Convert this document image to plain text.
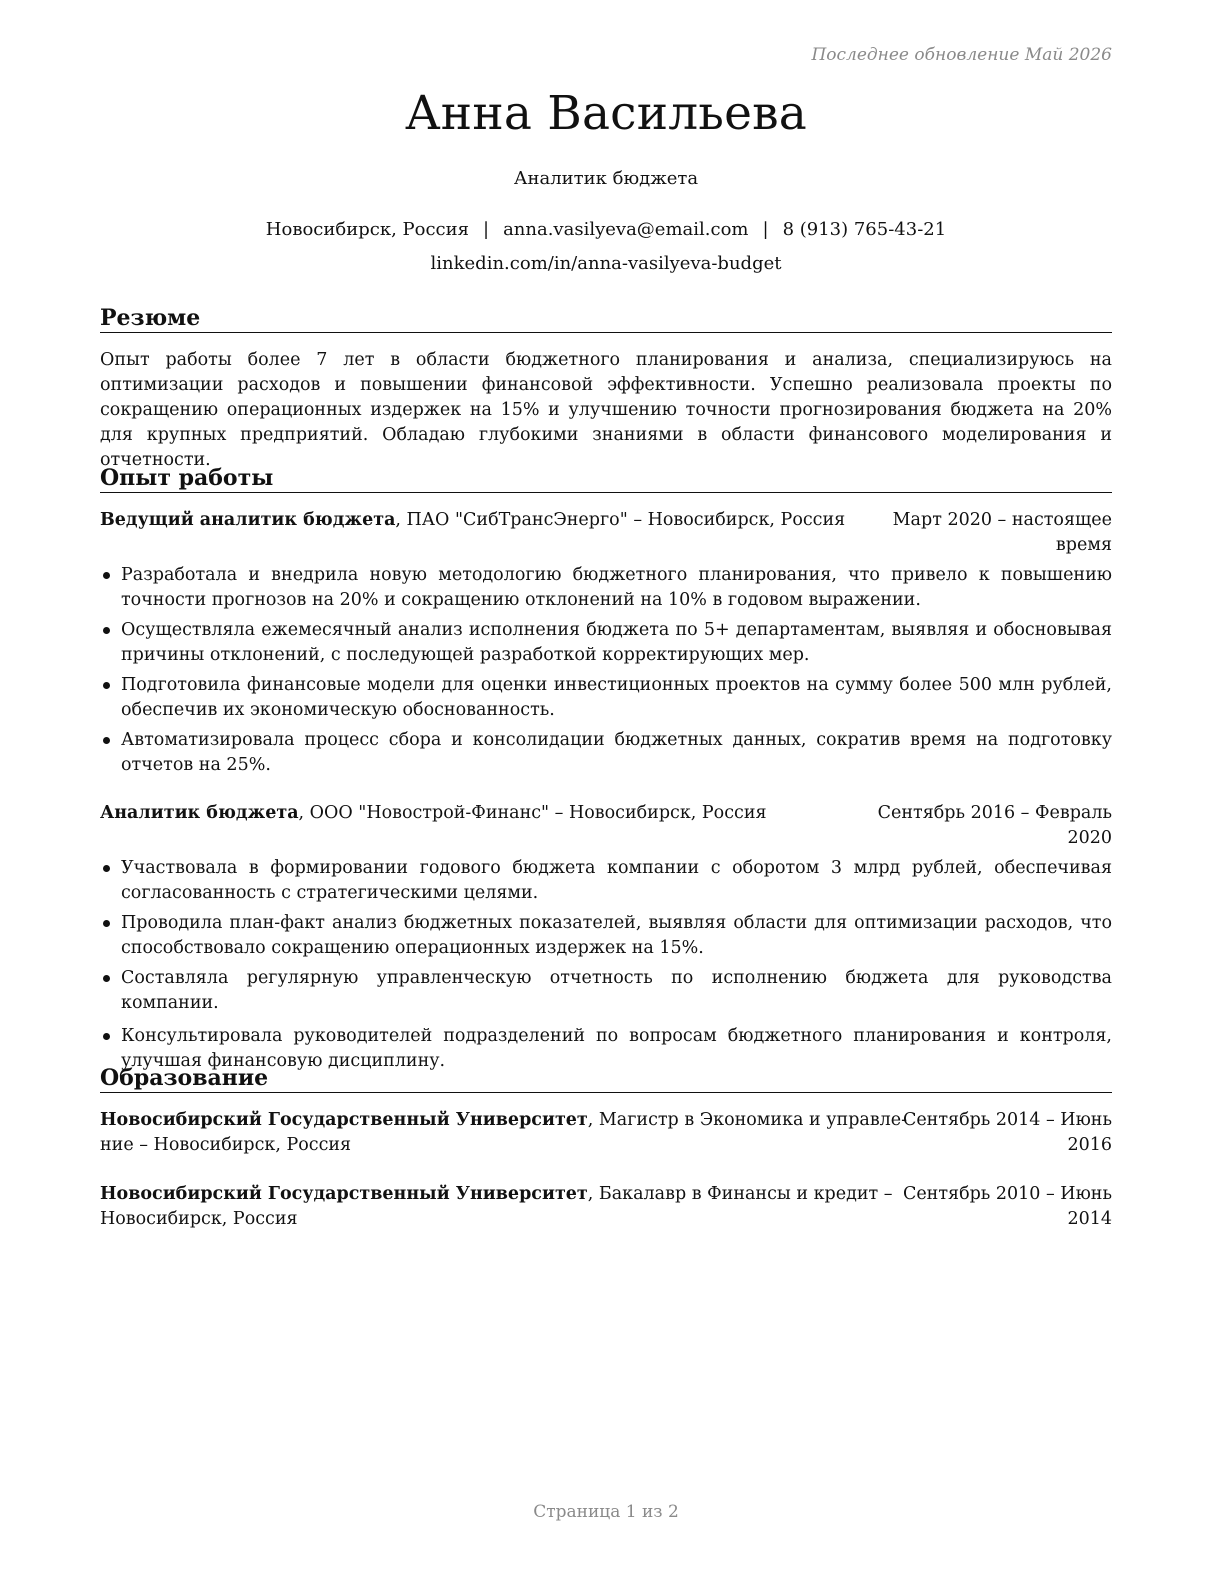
Последнее обновление Май 2026
Анна Васильева
Аналитик бюджета
Новосибирск, Россия | anna.vasilyeva@email.com | 8 (913) 765-43-21
linkedin.com/in/anna-vasilyeva-budget
Резюме
Опыт работы более 7 лет в области бюджетного планирования и анализа, специализируюсь на оптимизации расходов и повышении финансовой эффективности. Успешно реализовала проекты по сокращению операционных издержек на 15% и улучшению точности прогнозирования бюджета на 20% для крупных предприятий. Обладаю глубокими знаниями в области финансового моделирования и отчетности.
Опыт работы
Ведущий аналитик бюджета, ПАО "СибТрансЭнерго" – Новосибирск, Россия	Март 2020 – настоящее
время
Разработала и внедрила новую методологию бюджетного планирования, что привело к повышению точности прогнозов на 20% и сокращению отклонений на 10% в годовом выражении.
Осуществляла ежемесячный анализ исполнения бюджета по 5+ департаментам, выявляя и обосновывая причины отклонений, с последующей разработкой корректирующих мер.
Подготовила финансовые модели для оценки инвестиционных проектов на сумму более 500 млн рублей, обеспечив их экономическую обоснованность.
Автоматизировала процесс сбора и консолидации бюджетных данных, сократив время на подготовку отчетов на 25%.
Аналитик бюджета, ООО "Новострой-Финанс" – Новосибирск, Россия	Сентябрь 2016 – Февраль
2020
Участвовала в формировании годового бюджета компании с оборотом 3 млрд рублей, обеспечивая согласованность с стратегическими целями.
Проводила план-факт анализ бюджетных показателей, выявляя области для оптимизации расходов, что способствовало сокращению операционных издержек на 15%.
Составляла регулярную управленческую отчетность по исполнению бюджета для руководства компании.
Консультировала руководителей подразделений по вопросам бюджетного планирования и контроля, улучшая финансовую дисциплину.
Образование
Новосибирский Государственный Университет, Магистр в Экономика и управле-
ние – Новосибирск, Россия
Сентябрь 2014 – Июнь
2016
Новосибирский Государственный Университет, Бакалавр в Финансы и кредит –
Новосибирск, Россия
Сентябрь 2010 – Июнь
2014
Страница 1 из 2
